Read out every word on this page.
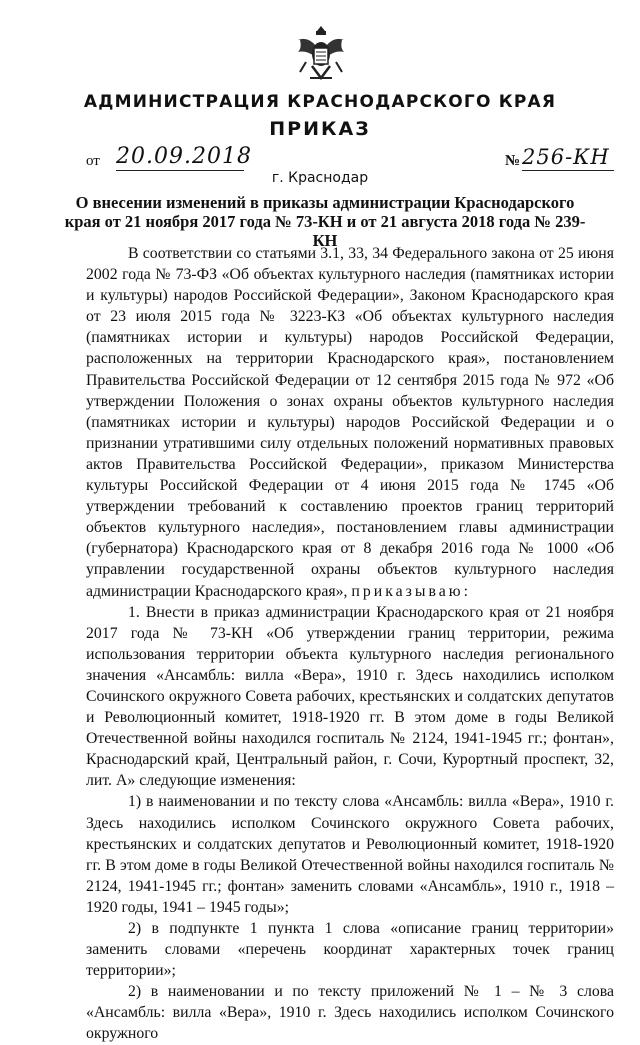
АДМИНИСТРАЦИЯ КРАСНОДАРСКОГО КРАЯ
ПРИКАЗ
от 20.09.2018
г. Краснодар
№ 256-КН
О внесении изменений в приказы администрации Краснодарского края от 21 ноября 2017 года № 73-КН и от 21 августа 2018 года № 239-КН

В соответствии со статьями 3.1, 33, 34 Федерального закона от 25 июня 2002 года № 73-ФЗ «Об объектах культурного наследия (памятниках истории и культуры) народов Российской Федерации», Законом Краснодарского края от 23 июля 2015 года № 3223-КЗ «Об объектах культурного наследия (памятниках истории и культуры) народов Российской Федерации, расположенных на территории Краснодарского края», постановлением Правительства Российской Федерации от 12 сентября 2015 года № 972 «Об утверждении Положения о зонах охраны объектов культурного наследия (памятниках истории и культуры) народов Российской Федерации и о признании утратившими силу отдельных положений нормативных правовых актов Правительства Российской Федерации», приказом Министерства культуры Российской Федерации от 4 июня 2015 года № 1745 «Об утверждении требований к составлению проектов границ территорий объектов культурного наследия», постановлением главы администрации (губернатора) Краснодарского края от 8 декабря 2016 года № 1000 «Об управлении государственной охраны объектов культурного наследия администрации Краснодарского края», приказываю:

1. Внести в приказ администрации Краснодарского края от 21 ноября 2017 года № 73-КН «Об утверждении границ территории, режима использования территории объекта культурного наследия регионального значения «Ансамбль: вилла «Вера», 1910 г. Здесь находились исполком Сочинского окружного Совета рабочих, крестьянских и солдатских депутатов и Революционный комитет, 1918-1920 гг. В этом доме в годы Великой Отечественной войны находился госпиталь № 2124, 1941-1945 гг.; фонтан», Краснодарский край, Центральный район, г. Сочи, Курортный проспект, 32, лит. А» следующие изменения:

1) в наименовании и по тексту слова «Ансамбль: вилла «Вера», 1910 г. Здесь находились исполком Сочинского окружного Совета рабочих, крестьянских и солдатских депутатов и Революционный комитет, 1918-1920 гг. В этом доме в годы Великой Отечественной войны находился госпиталь № 2124, 1941-1945 гг.; фонтан» заменить словами «Ансамбль», 1910 г., 1918 – 1920 годы, 1941 – 1945 годы»;

2) в подпункте 1 пункта 1 слова «описание границ территории» заменить словами «перечень координат характерных точек границ территории»;

2) в наименовании и по тексту приложений № 1 – № 3 слова «Ансамбль: вилла «Вера», 1910 г. Здесь находились исполком Сочинского окружного
